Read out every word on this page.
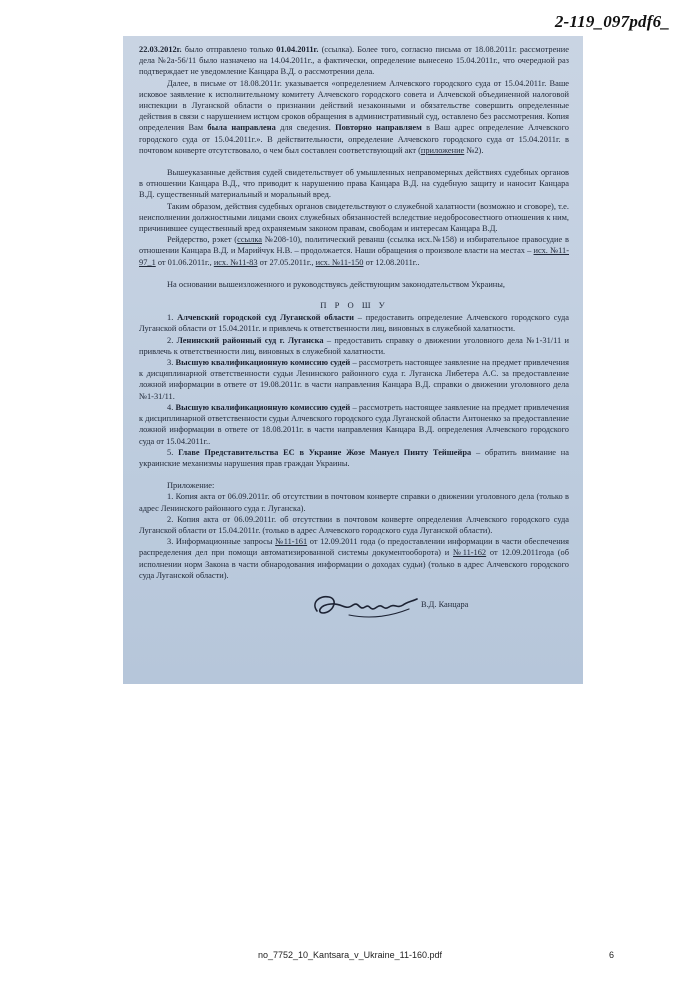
2-119_097pdf6_

22.03.2012г. было отправлено только 01.04.2011г. (ссылка). Более того, согласно письма от 18.08.2011г. рассмотрение дела №2а-56/11 было назначено на 14.04.2011г., а фактически, определение вынесено 15.04.2011г., что очередной раз подтверждает не уведомление Канцара В.Д. о рассмотрении дела.

Далее, в письме от 18.08.2011г. указывается «определением Алчевского городского суда от 15.04.2011г. Ваше исковое заявление к исполнительному комитету Алчевского городского совета и Алчевской объединенной налоговой инспекции в Луганской области о признании действий незаконными и обязательстве совершить определенные действия в связи с нарушением истцом сроков обращения в административный суд, оставлено без рассмотрения. Копия определения Вам была направлена для сведения. Повторно направляем в Ваш адрес определение Алчевского городского суда от 15.04.2011г.». В действительности, определение Алчевского городского суда от 15.04.2011г. в почтовом конверте отсутствовало, о чем был составлен соответствующий акт (приложение №2).

Вышеуказанные действия судей свидетельствует об умышленных неправомерных действиях судебных органов в отношении Канцара В.Д., что приводит к нарушению права Канцара В.Д. на судебную защиту и наносит Канцара В.Д. существенный материальный и моральный вред.

Таким образом, действия судебных органов свидетельствуют о служебной халатности (возможно и сговоре), т.е. неисполнении должностными лицами своих служебных обязанностей вследствие недобросовестного отношения к ним, причинившее существенный вред охраняемым законом правам, свободам и интересам Канцара В.Д.

Рейдерство, рэкет (ссылка №208-10), политический реванш (ссылка исх.№158) и избирательное правосудие в отношении Канцара В.Д. и Марийчук Н.В. – продолжается. Наши обращения о произволе власти на местах – исх. №11-97_1 от 01.06.2011г., исх. №11-83 от 27.05.2011г., исх. №11-150 от 12.08.2011г..

На основании вышеизложенного и руководствуясь действующим законодательством Украины,

П Р О Ш У

1. Алчевский городской суд Луганской области – предоставить определение Алчевского городского суда Луганской области от 15.04.2011г. и привлечь к ответственности лиц, виновных в служебной халатности.

2. Ленинский районный суд г. Луганска – предоставить справку о движении уголовного дела №1-31/11 и привлечь к ответственности лиц, виновных в служебной халатности.

3. Высшую квалификационную комиссию судей – рассмотреть настоящее заявление на предмет привлечения к дисциплинарной ответственности судьи Ленинского районного суда г. Луганска Либетера А.С. за предоставление ложной информации в ответе от 19.08.2011г. в части направления Канцара В.Д. справки о движении уголовного дела №1-31/11.

4. Высшую квалификационную комиссию судей – рассмотреть настоящее заявление на предмет привлечения к дисциплинарной ответственности судьи Алчевского городского суда Луганской области Антоненко за предоставление ложной информации в ответе от 18.08.2011г. в части направления Канцара В.Д. определения Алчевского городского суда от 15.04.2011г..

5. Главе Представительства ЕС в Украине Жозе Мануел Пинту Тейшейра – обратить внимание на украинские механизмы нарушения прав граждан Украины.

Приложение:

1. Копия акта от 06.09.2011г. об отсутствии в почтовом конверте справки о движении уголовного дела (только в адрес Ленинского районного суда г. Луганска).

2. Копия акта от 06.09.2011г. об отсутствии в почтовом конверте определения Алчевского городского суда Луганской области от 15.04.2011г. (только в адрес Алчевского городского суда Луганской области).

3. Информационные запросы №11-161 от 12.09.2011 года (о предоставлении информации в части обеспечения распределения дел при помощи автоматизированной системы документооборота) и №11-162 от 12.09.2011года (об исполнении норм Закона в части обнародования информации о доходах судьи) (только в адрес Алчевского городского суда Луганской области).

В.Д. Канцара
no_7752_10_Kantsara_v_Ukraine_11-160.pdf	6
